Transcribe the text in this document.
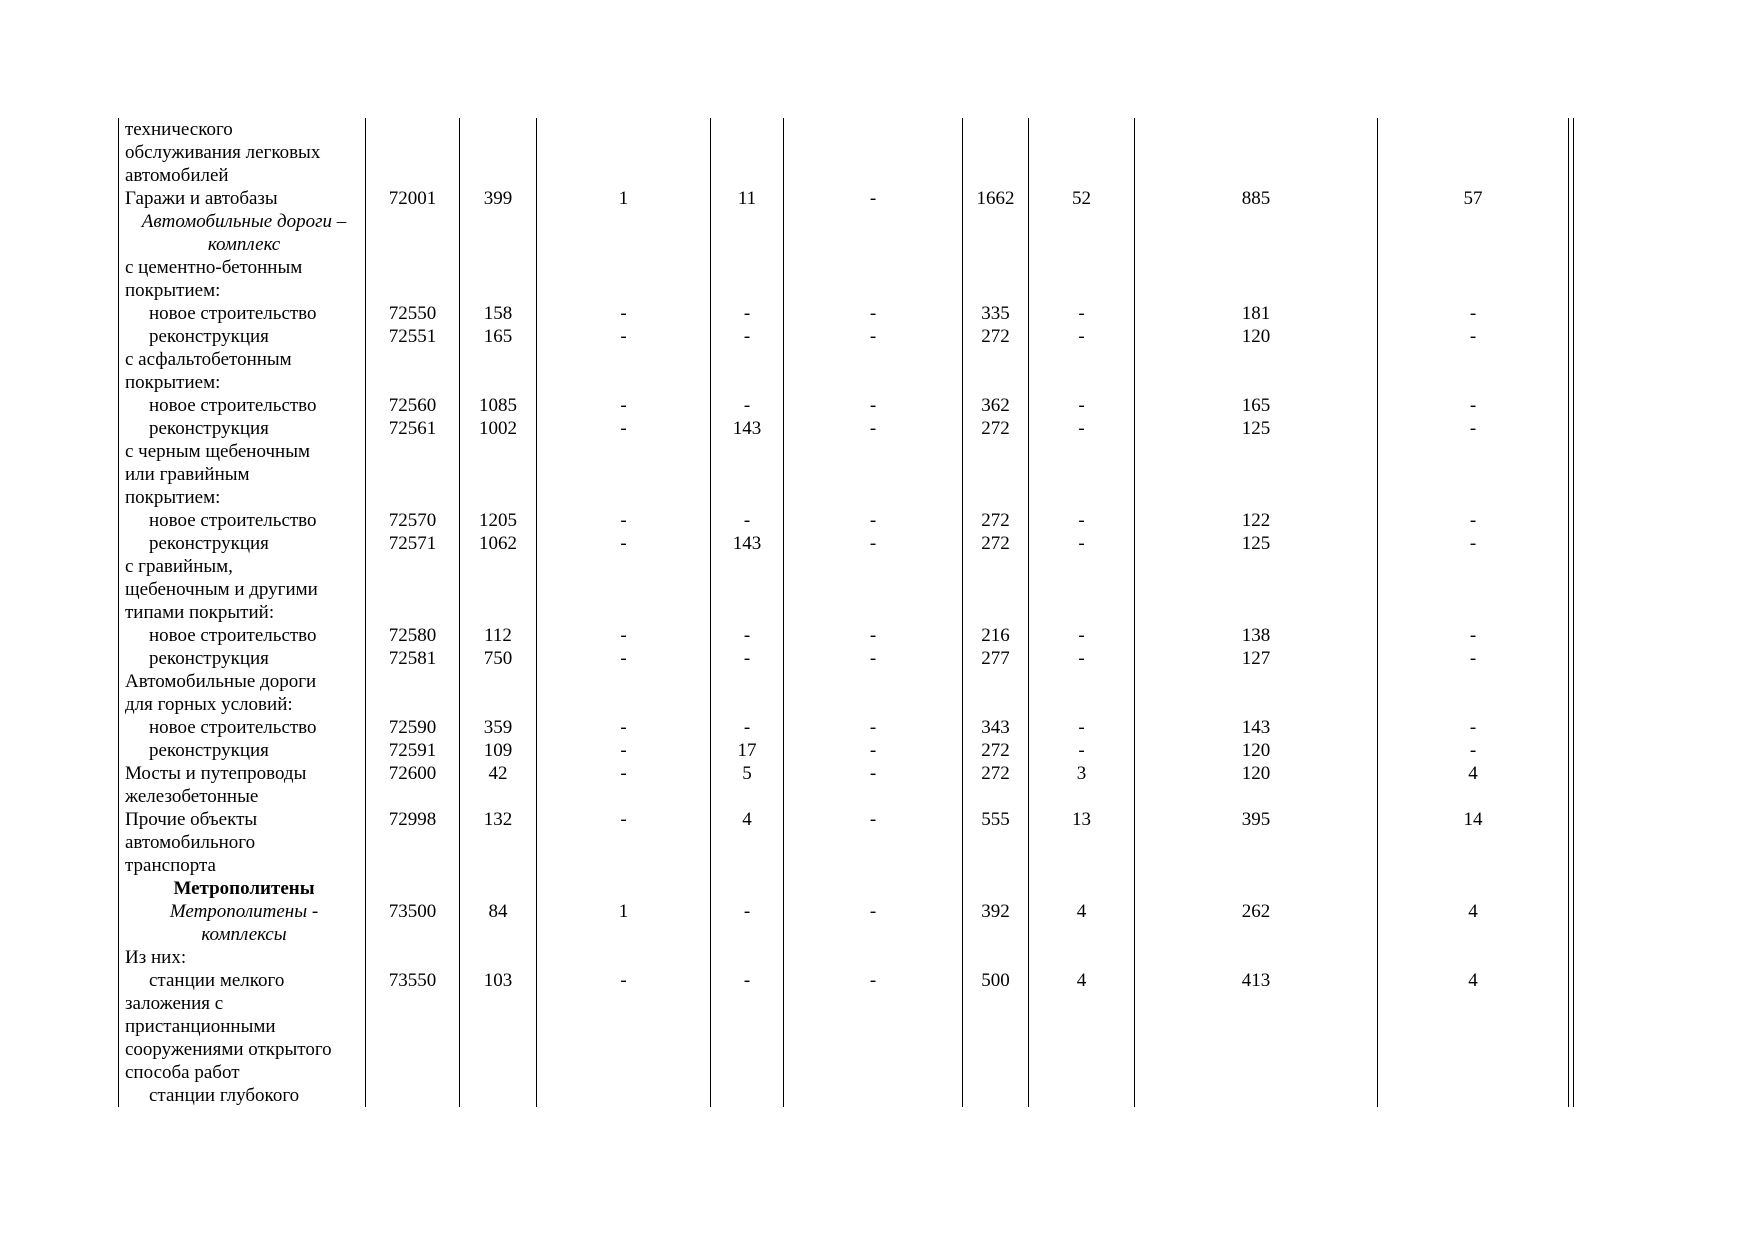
технического
обслуживания легковых
автомобилей										

Гаражи и автобазы	72001	399	1	11	-	1662	52	885	57	

Автомобильные дороги –
комплекс										

с цементно-бетонным
покрытием:										

новое строительство	72550	158	-	-	-	335	-	181	-	

реконструкция	72551	165	-	-	-	272	-	120	-	

с асфальтобетонным
покрытием:										

новое строительство	72560	1085	-	-	-	362	-	165	-	

реконструкция	72561	1002	-	143	-	272	-	125	-	

с черным щебеночным
или гравийным
покрытием:										

новое строительство	72570	1205	-	-	-	272	-	122	-	

реконструкция	72571	1062	-	143	-	272	-	125	-	

с гравийным,
щебеночным и другими
типами покрытий:										

новое строительство	72580	112	-	-	-	216	-	138	-	

реконструкция	72581	750	-	-	-	277	-	127	-	

Автомобильные дороги
для горных условий:										

новое строительство	72590	359	-	-	-	343	-	143	-	

реконструкция	72591	109	-	17	-	272	-	120	-	

Мосты и путепроводы
железобетонные	72600	42	-	5	-	272	3	120	4	

Прочие объекты
автомобильного
транспорта	72998	132	-	4	-	555	13	395	14	

Метрополитены										

Метрополитены -
комплексы	73500	84	1	-	-	392	4	262	4	

Из них:										

станции мелкого
заложения с
пристанционными
сооружениями открытого
способа работ	73550	103	-	-	-	500	4	413	4	

станции глубокого										
